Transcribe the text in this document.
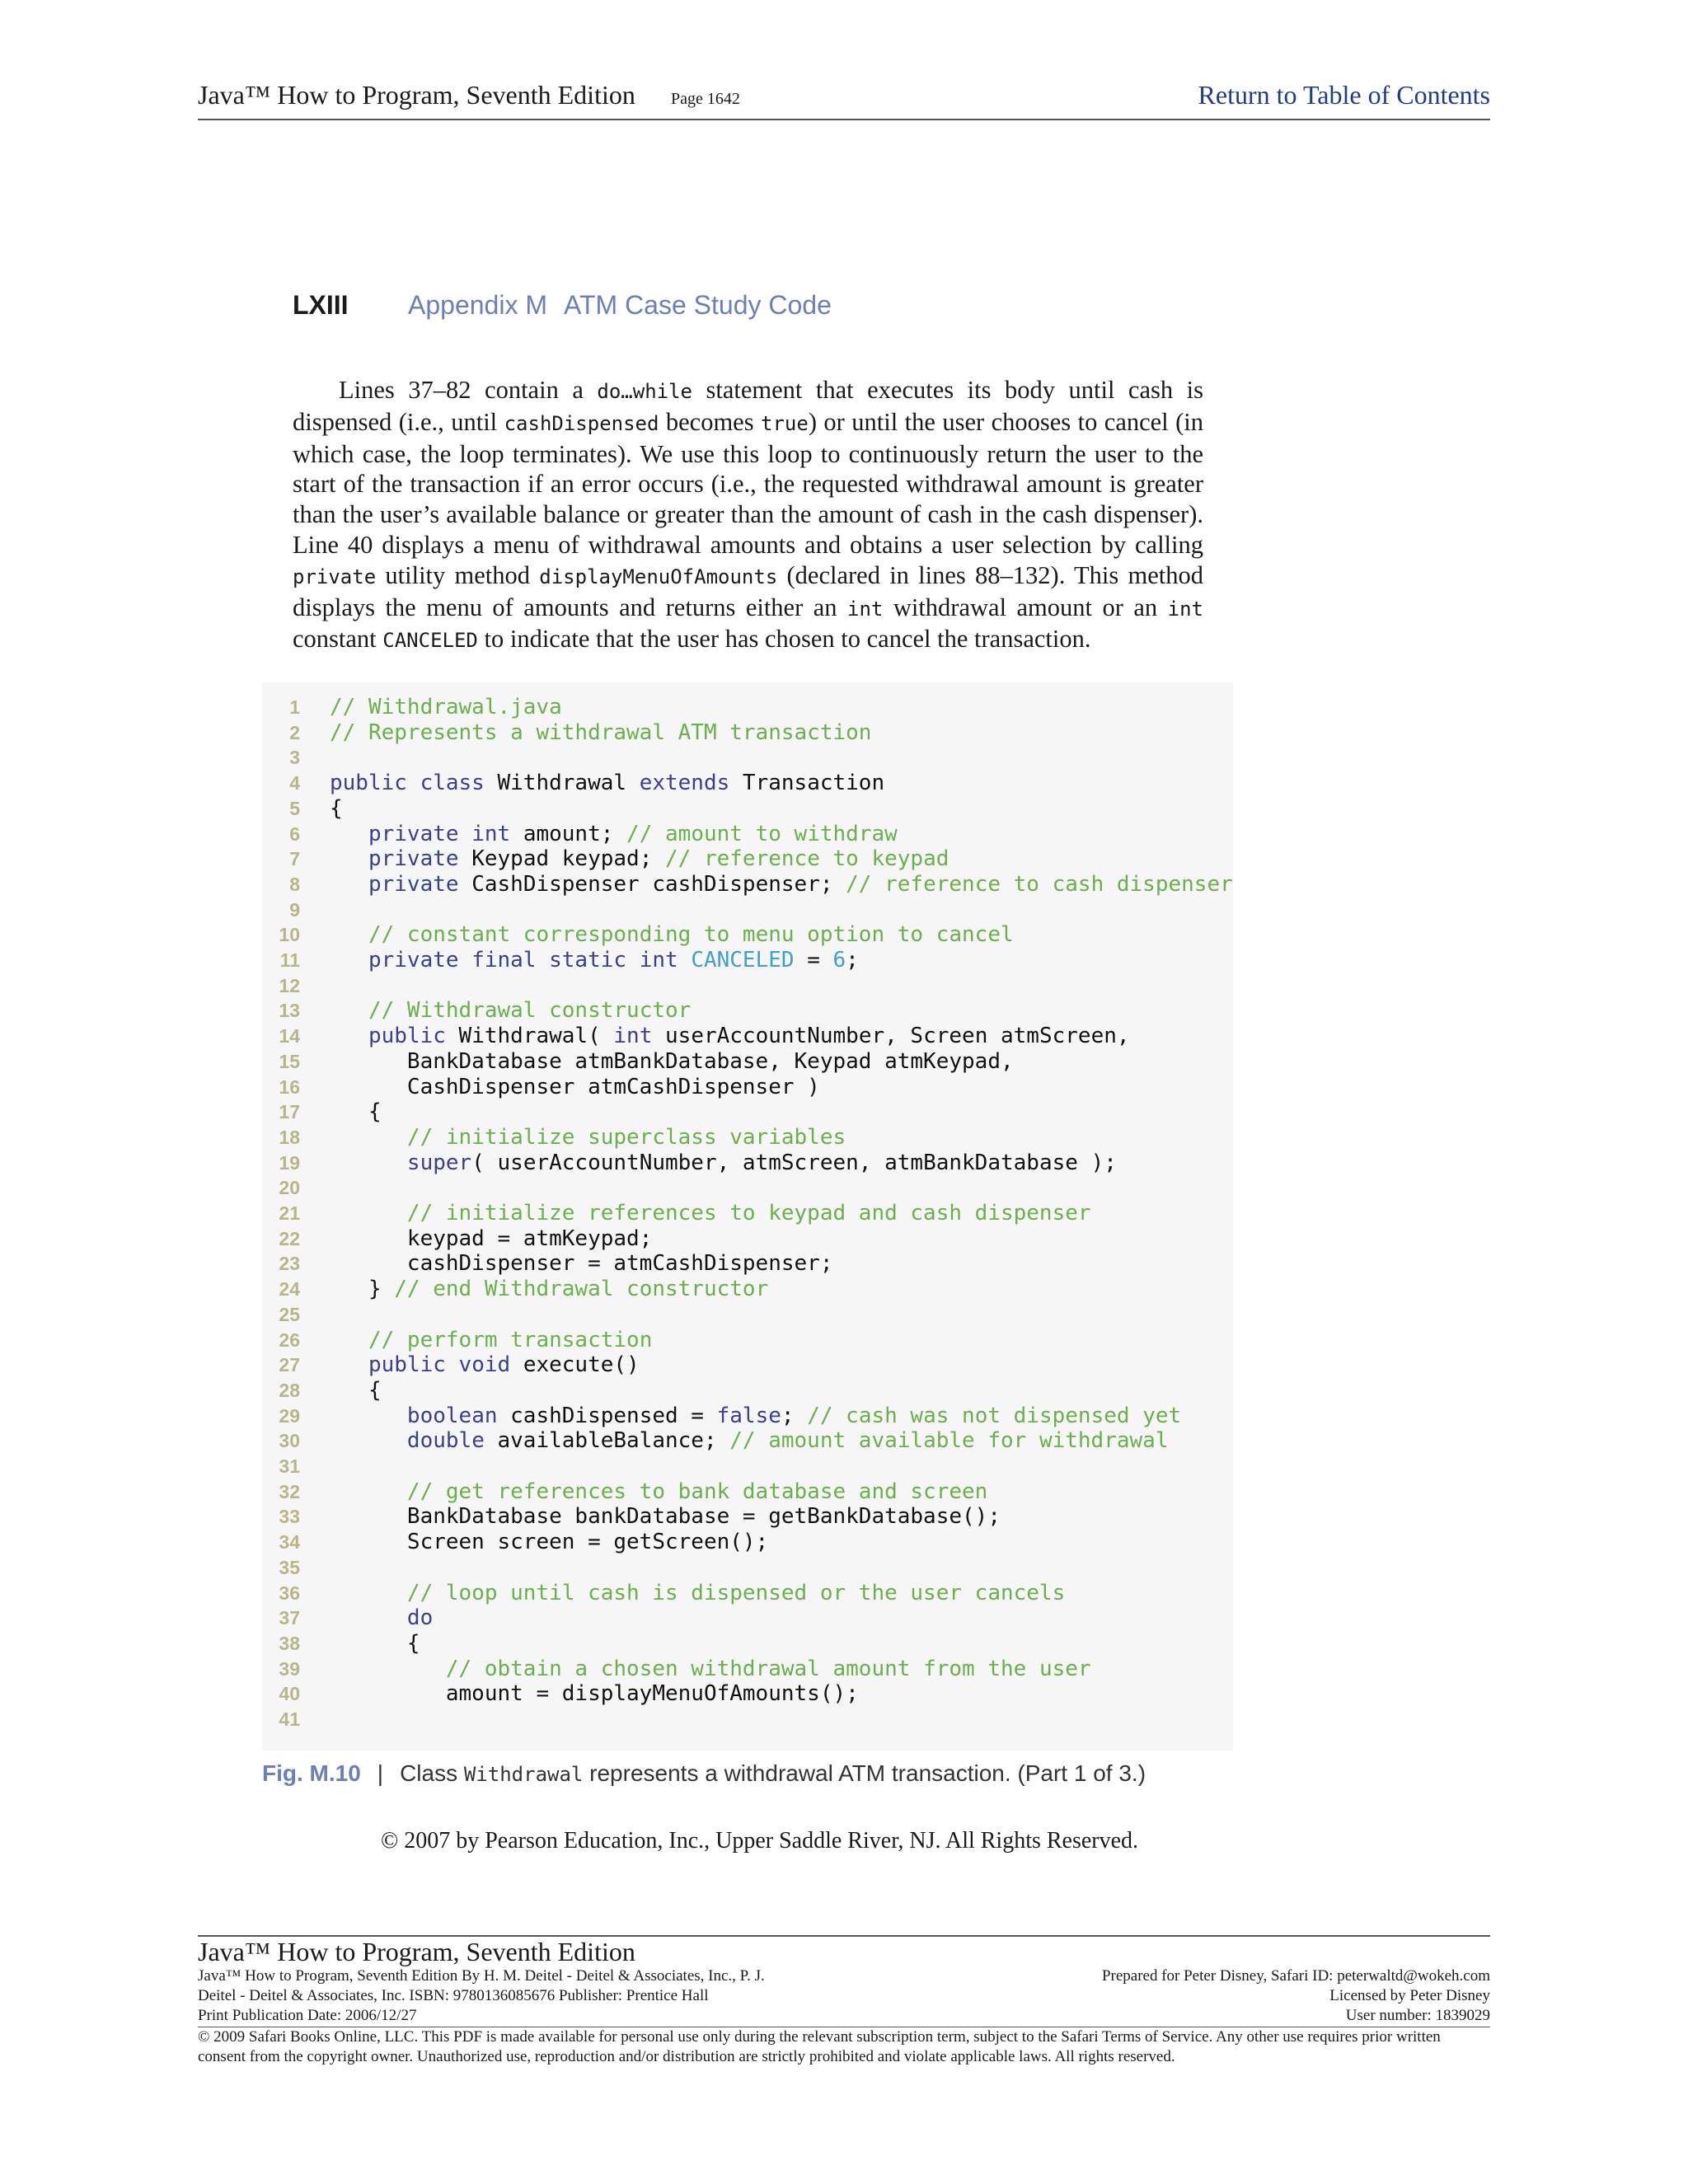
Java™ How to Program, Seventh Edition Page 1642	Return to Table of Contents
LXIII Appendix M ATM Case Study Code
Lines 37–82 contain a do…while statement that executes its body until cash is dispensed (i.e., until cashDispensed becomes true) or until the user chooses to cancel (in which case, the loop terminates). We use this loop to continuously return the user to the start of the transaction if an error occurs (i.e., the requested withdrawal amount is greater than the user’s available balance or greater than the amount of cash in the cash dispenser). Line 40 displays a menu of withdrawal amounts and obtains a user selection by calling private utility method displayMenuOfAmounts (declared in lines 88–132). This method displays the menu of amounts and returns either an int withdrawal amount or an int constant CANCELED to indicate that the user has chosen to cancel the transaction.
1 // Withdrawal.java
2 // Represents a withdrawal ATM transaction
3
4 public class Withdrawal extends Transaction
5 {
6	private int amount; // amount to withdraw
7	private Keypad keypad; // reference to keypad
8	private CashDispenser cashDispenser; // reference to cash dispenser
9
10	// constant corresponding to menu option to cancel
11	private final static int CANCELED = 6;
12
13	// Withdrawal constructor
14	public Withdrawal( int userAccountNumber, Screen atmScreen,
15 BankDatabase atmBankDatabase, Keypad atmKeypad,
16 CashDispenser atmCashDispenser )
17 {
18	// initialize superclass variables
19	super( userAccountNumber, atmScreen, atmBankDatabase );
20
21	// initialize references to keypad and cash dispenser
22 keypad = atmKeypad;
23 cashDispenser = atmCashDispenser;
24 } // end Withdrawal constructor
25
26	// perform transaction
27	public void execute()
28 {
29	boolean cashDispensed = false; // cash was not dispensed yet
30	double availableBalance; // amount available for withdrawal
31
32	// get references to bank database and screen
33 BankDatabase bankDatabase = getBankDatabase();
34 Screen screen = getScreen();
35
36	// loop until cash is dispensed or the user cancels
37	do
38 {
39	// obtain a chosen withdrawal amount from the user
40 amount = displayMenuOfAmounts();
41
Fig. M.10 | Class Withdrawal represents a withdrawal ATM transaction. (Part 1 of 3.)
© 2007 by Pearson Education, Inc., Upper Saddle River, NJ. All Rights Reserved.
Java™ How to Program, Seventh Edition
Java™ How to Program, Seventh Edition By H. M. Deitel - Deitel & Associates, Inc., P. J.
Deitel - Deitel & Associates, Inc. ISBN: 9780136085676 Publisher: Prentice Hall
Print Publication Date: 2006/12/27
Prepared for Peter Disney, Safari ID: peterwaltd@wokeh.com
Licensed by Peter Disney
User number: 1839029
© 2009 Safari Books Online, LLC. This PDF is made available for personal use only during the relevant subscription term, subject to the Safari Terms of Service. Any other use requires prior written consent from the copyright owner. Unauthorized use, reproduction and/or distribution are strictly prohibited and violate applicable laws. All rights reserved.
